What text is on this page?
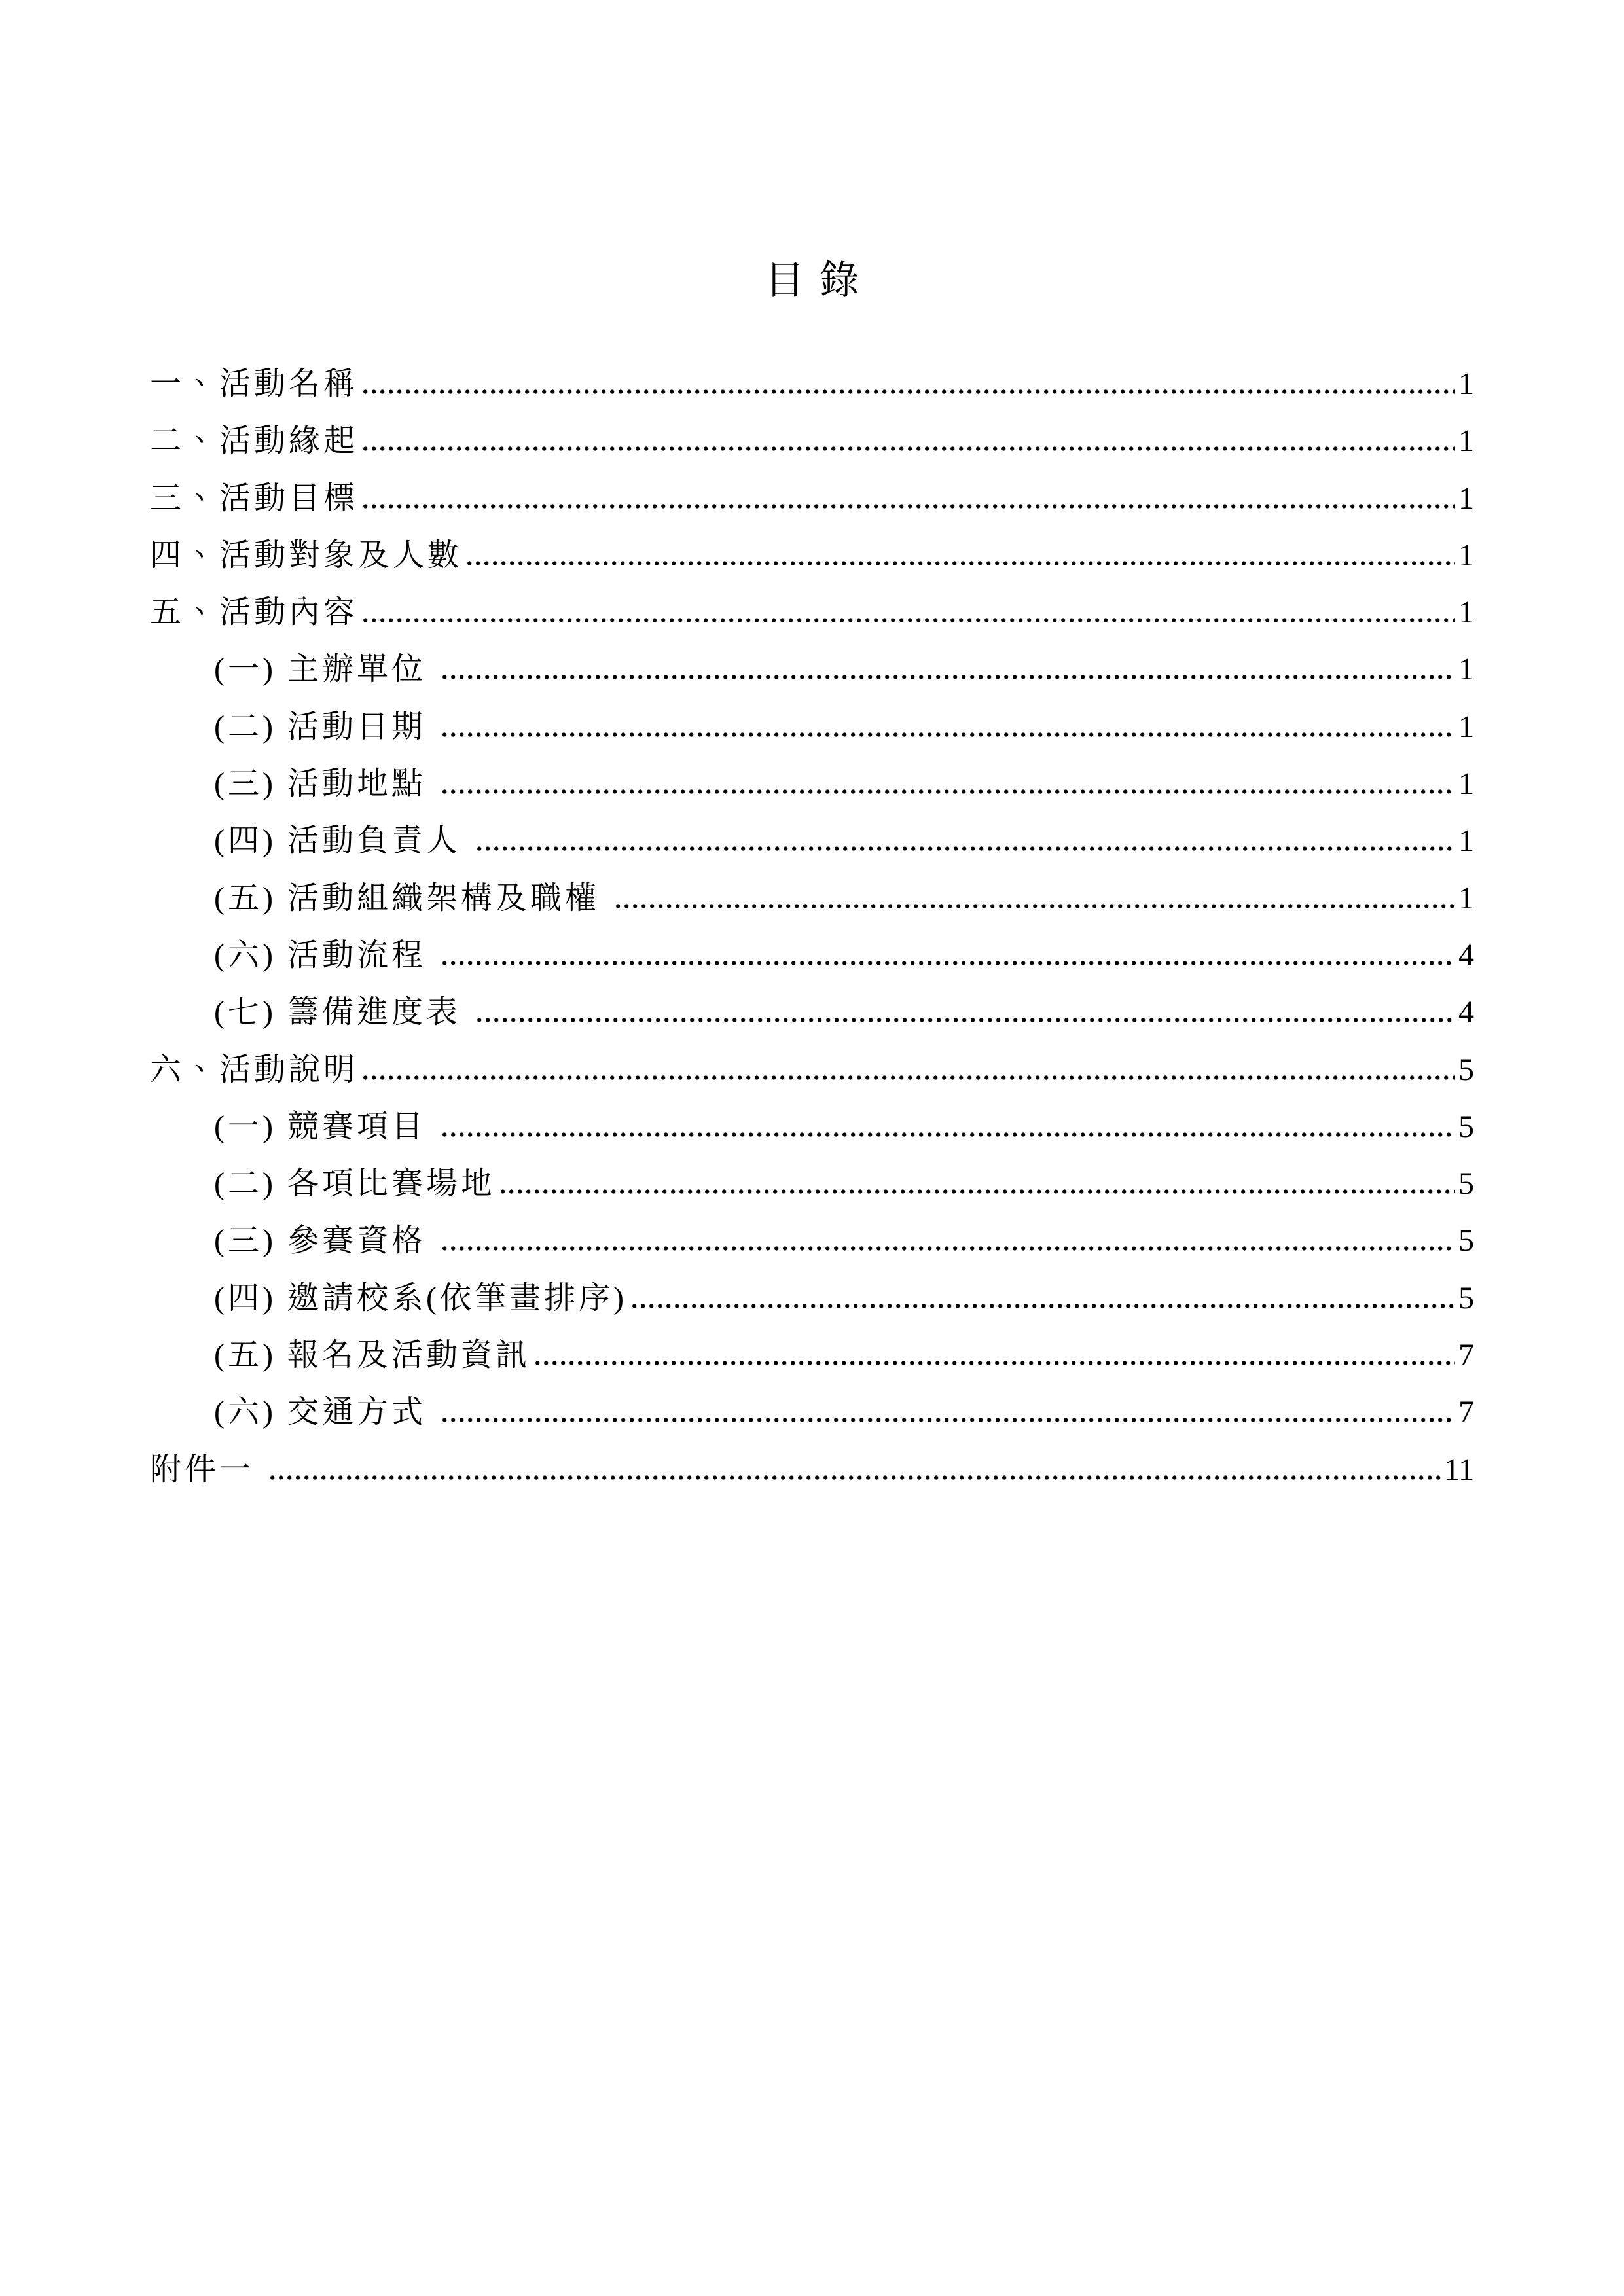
目錄
一、活動名稱	1
二、活動緣起	1
三、活動目標	1
四、活動對象及人數	1
五、活動內容	1
(一) 主辦單位	1
(二) 活動日期	1
(三) 活動地點	1
(四) 活動負責人	1
(五) 活動組織架構及職權	1
(六) 活動流程	4
(七) 籌備進度表	4
六、活動說明	5
(一) 競賽項目	5
(二) 各項比賽場地	5
(三) 參賽資格	5
(四) 邀請校系(依筆畫排序)	5
(五) 報名及活動資訊	7
(六) 交通方式	7
附件一	11
